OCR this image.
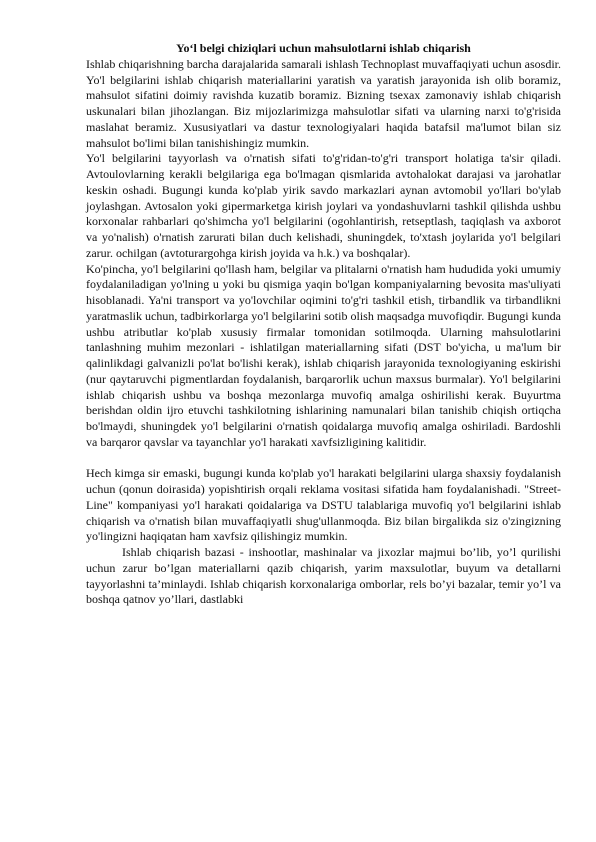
Yo‘l belgi chiziqlari uchun mahsulotlarni ishlab chiqarish

Ishlab chiqarishning barcha darajalarida samarali ishlash Technoplast muvaffaqiyati uchun asosdir. Yo'l belgilarini ishlab chiqarish materiallarini yaratish va yaratish jarayonida ish olib boramiz, mahsulot sifatini doimiy ravishda kuzatib boramiz. Bizning tsexax zamonaviy ishlab chiqarish uskunalari bilan jihozlangan. Biz mijozlarimizga mahsulotlar sifati va ularning narxi to'g'risida maslahat beramiz. Xususiyatlari va dastur texnologiyalari haqida batafsil ma'lumot bilan siz mahsulot bo'limi bilan tanishishingiz mumkin.

Yo'l belgilarini tayyorlash va o'rnatish sifati to'g'ridan-to'g'ri transport holatiga ta'sir qiladi. Avtoulovlarning kerakli belgilariga ega bo'lmagan qismlarida avtohalokat darajasi va jarohatlar keskin oshadi. Bugungi kunda ko'plab yirik savdo markazlari aynan avtomobil yo'llari bo'ylab joylashgan. Avtosalon yoki gipermarketga kirish joylari va yondashuvlarni tashkil qilishda ushbu korxonalar rahbarlari qo'shimcha yo'l belgilarini (ogohlantirish, retseptlash, taqiqlash va axborot va yo'nalish) o'rnatish zarurati bilan duch kelishadi, shuningdek, to'xtash joylarida yo'l belgilari zarur. ochilgan (avtoturargohga kirish joyida va h.k.) va boshqalar).

Ko'pincha, yo'l belgilarini qo'llash ham, belgilar va plitalarni o'rnatish ham hududida yoki umumiy foydalaniladigan yo'lning u yoki bu qismiga yaqin bo'lgan kompaniyalarning bevosita mas'uliyati hisoblanadi. Ya'ni transport va yo'lovchilar oqimini to'g'ri tashkil etish, tirbandlik va tirbandlikni yaratmaslik uchun, tadbirkorlarga yo'l belgilarini sotib olish maqsadga muvofiqdir. Bugungi kunda ushbu atributlar ko'plab xususiy firmalar tomonidan sotilmoqda. Ularning mahsulotlarini tanlashning muhim mezonlari - ishlatilgan materiallarning sifati (DST bo'yicha, u ma'lum bir qalinlikdagi galvanizli po'lat bo'lishi kerak), ishlab chiqarish jarayonida texnologiyaning eskirishi (nur qaytaruvchi pigmentlardan foydalanish, barqarorlik uchun maxsus burmalar). Yo'l belgilarini ishlab chiqarish ushbu va boshqa mezonlarga muvofiq amalga oshirilishi kerak. Buyurtma berishdan oldin ijro etuvchi tashkilotning ishlarining namunalari bilan tanishib chiqish ortiqcha bo'lmaydi, shuningdek yo'l belgilarini o'rnatish qoidalarga muvofiq amalga oshiriladi. Bardoshli va barqaror qavslar va tayanchlar yo'l harakati xavfsizligining kalitidir.

Hech kimga sir emaski, bugungi kunda ko'plab yo'l harakati belgilarini ularga shaxsiy foydalanish uchun (qonun doirasida) yopishtirish orqali reklama vositasi sifatida ham foydalanishadi. "Street-Line" kompaniyasi yo'l harakati qoidalariga va DSTU talablariga muvofiq yo'l belgilarini ishlab chiqarish va o'rnatish bilan muvaffaqiyatli shug'ullanmoqda. Biz bilan birgalikda siz o'zingizning yo'lingizni haqiqatan ham xavfsiz qilishingiz mumkin.

Ishlab chiqarish bazasi - inshootlar, mashinalar va jixozlar majmui bo’lib, yo’l qurilishi uchun zarur bo’lgan materiallarni qazib chiqarish, yarim maxsulotlar, buyum va detallarni tayyorlashni ta’minlaydi. Ishlab chiqarish korxonalariga omborlar, rels bo’yi bazalar, temir yo’l va boshqa qatnov yo’llari, dastlabki
